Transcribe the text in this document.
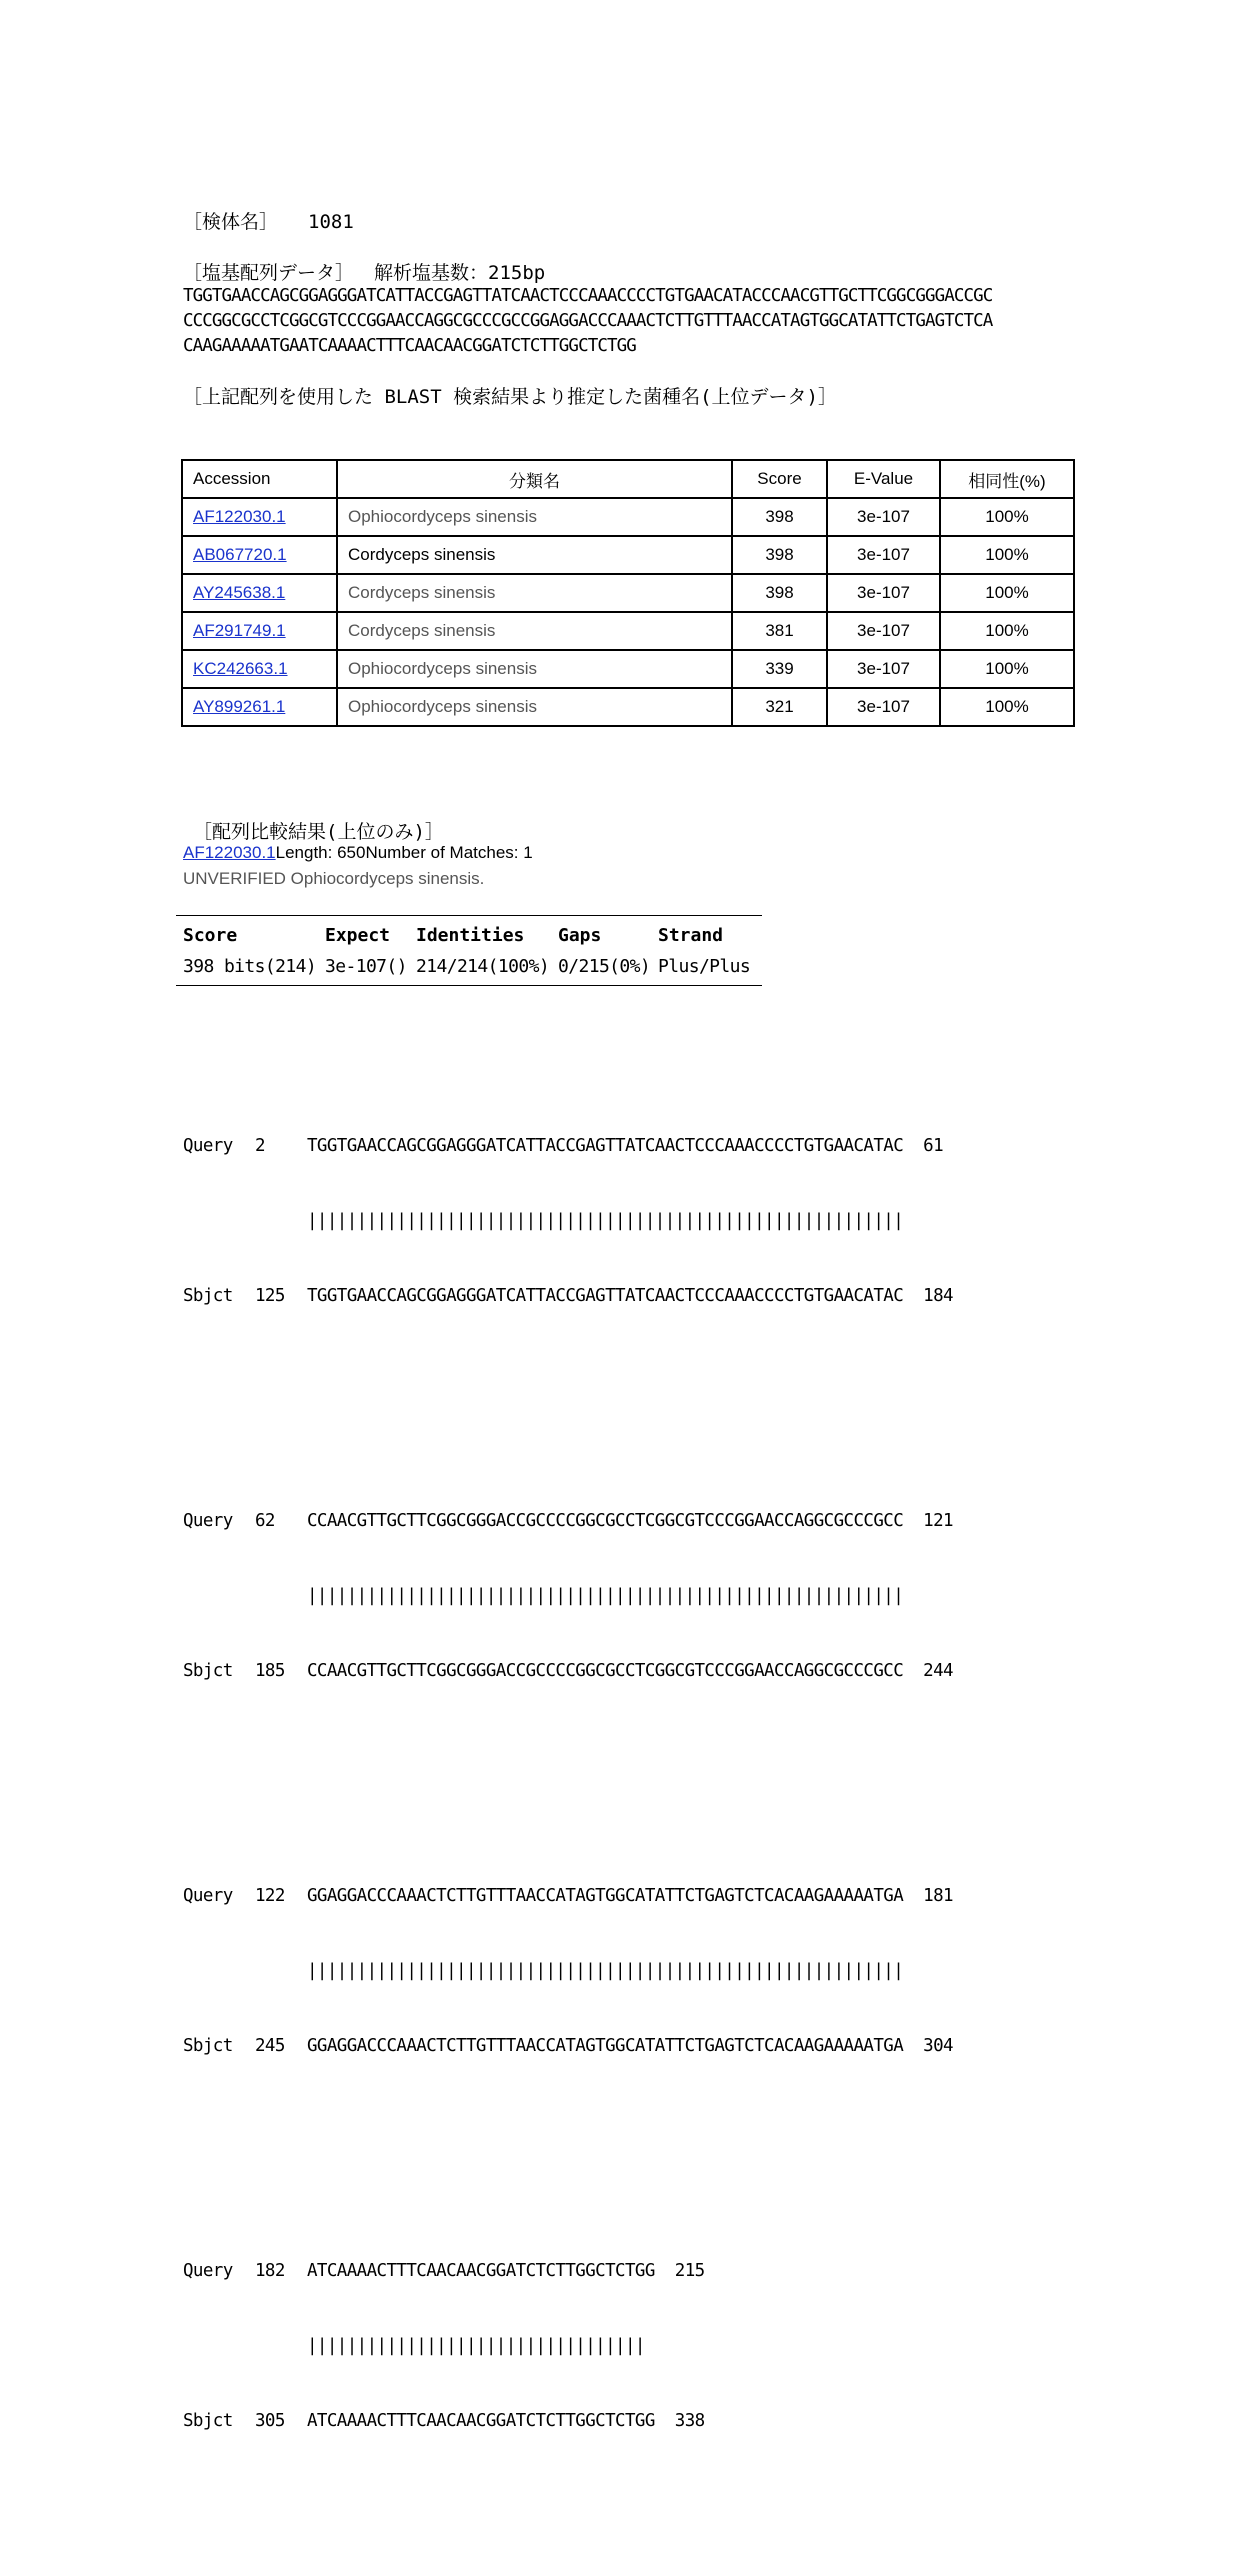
［検体名］ 1081
［塩基配列データ］ 解析塩基数：215bp
TGGTGAACCAGCGGAGGGATCATTACCGAGTTATCAACTCCCAAACCCCTGTGAACATACCCAACGTTGCTTCGGCGGGACCGC
CCCGGCGCCTCGGCGTCCCGGAACCAGGCGCCCGCCGGAGGACCCAAACTCTTGTTTAACCATAGTGGCATATTCTGAGTCTCA
CAAGAAAAATGAATCAAAACTTTCAACAACGGATCTCTTGGCTCTGG
［上記配列を使用した BLAST 検索結果より推定した菌種名(上位データ)］
Accession	分類名	Score	E-Value	相同性(%)
AF122030.1	Ophiocordyceps sinensis	398	3e-107	100%
AB067720.1	Cordyceps sinensis	398	3e-107	100%
AY245638.1	Cordyceps sinensis	398	3e-107	100%
AF291749.1	Cordyceps sinensis	381	3e-107	100%
KC242663.1	Ophiocordyceps sinensis	339	3e-107	100%
AY899261.1	Ophiocordyceps sinensis	321	3e-107	100%
［配列比較結果(上位のみ)］
AF122030.1Length: 650Number of Matches: 1
UNVERIFIED Ophiocordyceps sinensis.
Score	Expect Identities Gaps	Strand
398 bits(214) 3e-107() 214/214(100%) 0/215(0%) Plus/Plus

Query	2	TGGTGAACCAGCGGAGGGATCATTACCGAGTTATCAACTCCCAAACCCCTGTGAACATAC 61

||||||||||||||||||||||||||||||||||||||||||||||||||||||||||||

Sbjct	125	TGGTGAACCAGCGGAGGGATCATTACCGAGTTATCAACTCCCAAACCCCTGTGAACATAC 184

Query	62	CCAACGTTGCTTCGGCGGGACCGCCCCGGCGCCTCGGCGTCCCGGAACCAGGCGCCCGCC 121

||||||||||||||||||||||||||||||||||||||||||||||||||||||||||||

Sbjct	185	CCAACGTTGCTTCGGCGGGACCGCCCCGGCGCCTCGGCGTCCCGGAACCAGGCGCCCGCC 244

Query	122	GGAGGACCCAAACTCTTGTTTAACCATAGTGGCATATTCTGAGTCTCACAAGAAAAATGA 181

||||||||||||||||||||||||||||||||||||||||||||||||||||||||||||

Sbjct	245	GGAGGACCCAAACTCTTGTTTAACCATAGTGGCATATTCTGAGTCTCACAAGAAAAATGA 304

Query	182	ATCAAAACTTTCAACAACGGATCTCTTGGCTCTGG 215

||||||||||||||||||||||||||||||||||

Sbjct	305	ATCAAAACTTTCAACAACGGATCTCTTGGCTCTGG 338
